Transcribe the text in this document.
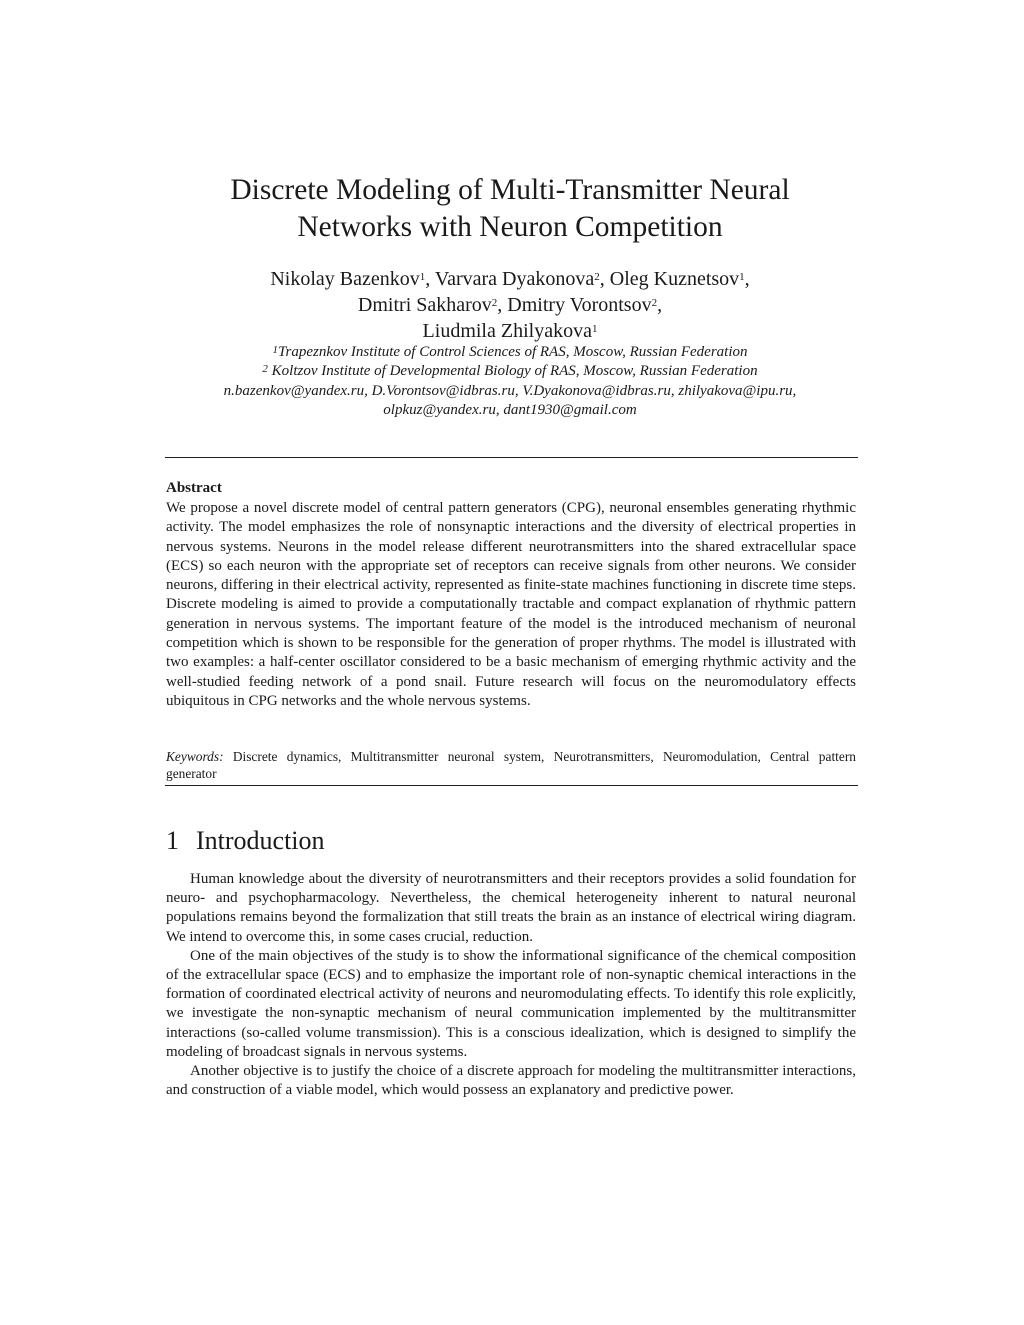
Discrete Modeling of Multi-Transmitter Neural
Networks with Neuron Competition
Nikolay Bazenkov$^1$, Varvara Dyakonova$^2$, Oleg Kuznetsov$^1$,
Dmitri Sakharov$^2$, Dmitry Vorontsov$^2$,
Liudmila Zhilyakova$^1$
$^1$Trapeznkov Institute of Control Sciences of RAS, Moscow, Russian Federation
$^2$ Koltzov Institute of Developmental Biology of RAS, Moscow, Russian Federation
n.bazenkov@yandex.ru, D.Vorontsov@idbras.ru, V.Dyakonova@idbras.ru, zhilyakova@ipu.ru,
olpkuz@yandex.ru, dant1930@gmail.com
Abstract
We propose a novel discrete model of central pattern generators (CPG), neuronal ensembles generating rhythmic activity. The model emphasizes the role of nonsynaptic interactions and the diversity of electrical properties in nervous systems. Neurons in the model release different neurotransmitters into the shared extracellular space (ECS) so each neuron with the appropriate set of receptors can receive signals from other neurons. We consider neurons, differing in their electrical activity, represented as finite-state machines functioning in discrete time steps. Discrete modeling is aimed to provide a computationally tractable and compact explanation of rhythmic pattern generation in nervous systems. The important feature of the model is the introduced mechanism of neuronal competition which is shown to be responsible for the generation of proper rhythms. The model is illustrated with two examples: a half-center oscillator considered to be a basic mechanism of emerging rhythmic activity and the well-studied feeding network of a pond snail. Future research will focus on the neuromodulatory effects ubiquitous in CPG networks and the whole nervous systems.
Keywords: Discrete dynamics, Multitransmitter neuronal system, Neurotransmitters, Neuromodulation, Central pattern generator
1 Introduction

Human knowledge about the diversity of neurotransmitters and their receptors provides a solid foundation for neuro- and psychopharmacology. Nevertheless, the chemical heterogeneity inherent to natural neuronal populations remains beyond the formalization that still treats the brain as an instance of electrical wiring diagram. We intend to overcome this, in some cases crucial, reduction.

One of the main objectives of the study is to show the informational significance of the chemical composition of the extracellular space (ECS) and to emphasize the important role of non-synaptic chemical interactions in the formation of coordinated electrical activity of neurons and neuromodulating effects. To identify this role explicitly, we investigate the non-synaptic mechanism of neural communication implemented by the multitransmitter interactions (so-called volume transmission). This is a conscious idealization, which is designed to simplify the modeling of broadcast signals in nervous systems.

Another objective is to justify the choice of a discrete approach for modeling the multitransmitter interactions, and construction of a viable model, which would possess an explanatory and predictive power.
